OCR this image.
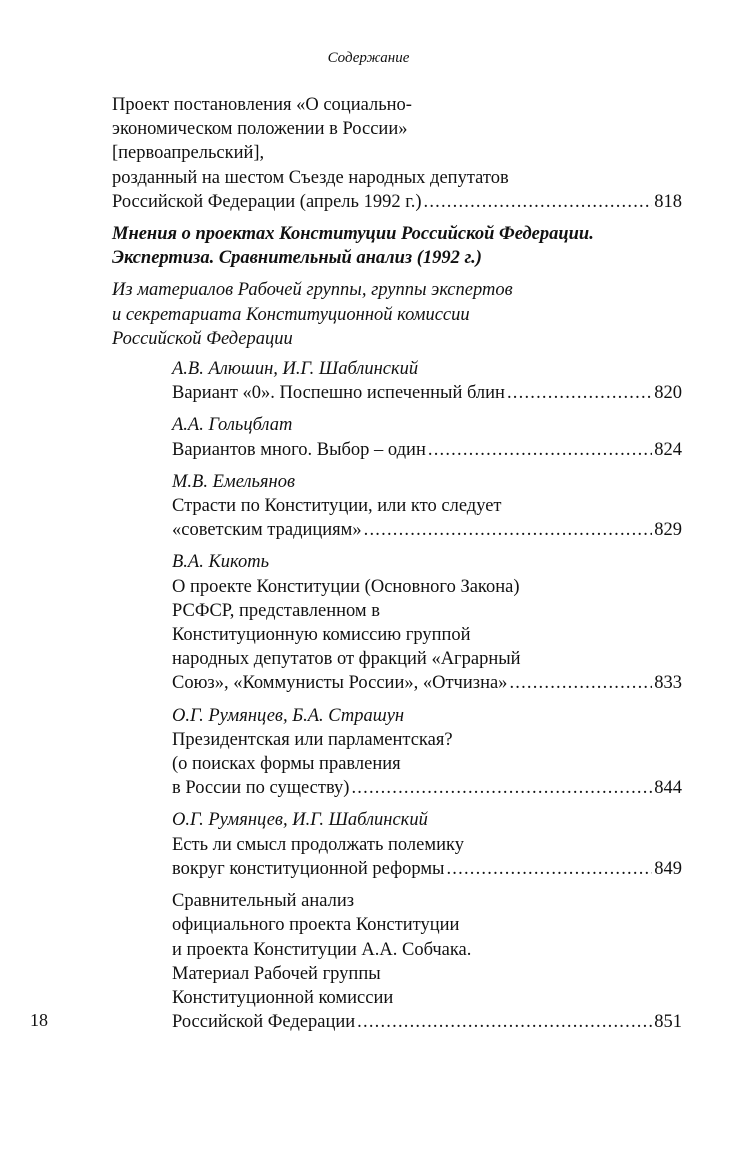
Содержание
Проект постановления «О социально-
экономическом положении в России»
[первоапрельский],
розданный на шестом Съезде народных депутатов
Российской Федерации (апрель 1992 г.) .....	818
Мнения о проектах Конституции Российской Федерации.
Экспертиза. Сравнительный анализ (1992 г.)
Из материалов Рабочей группы, группы экспертов
и секретариата Конституционной комиссии
Российской Федерации
А.В. Алюшин, И.Г. Шаблинский
Вариант «0». Поспешно испеченный блин .....	820
А.А. Гольцблат
Вариантов много. Выбор – один .....	824
М.В. Емельянов
Страсти по Конституции, или кто следует
«советским традициям» .....	829
В.А. Кикоть
О проекте Конституции (Основного Закона)
РСФСР, представленном в
Конституционную комиссию группой
народных депутатов от фракций «Аграрный
Союз», «Коммунисты России», «Отчизна» .....	833
О.Г. Румянцев, Б.А. Страшун
Президентская или парламентская?
(о поисках формы правления
в России по существу) .....	844
О.Г. Румянцев, И.Г. Шаблинский
Есть ли смысл продолжать полемику
вокруг конституционной реформы .....	849
Сравнительный анализ
официального проекта Конституции
и проекта Конституции А.А. Собчака.
Материал Рабочей группы
Конституционной комиссии
Российской Федерации .....	851
18
